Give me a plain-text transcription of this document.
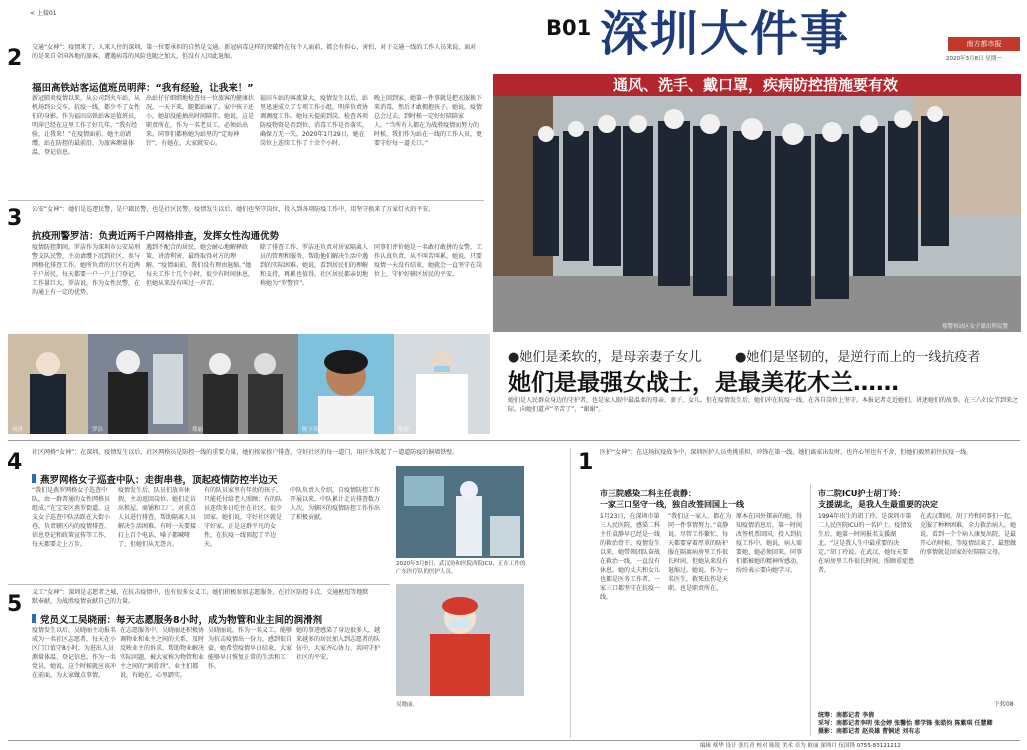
< 上接01
B01 深圳大件事	南方都市报
2020年3月8日 星期一
2 交通“女神”：疫情来了，人来人往的深圳，第一位要承担的自然是交通。新冠病毒这样的突破性在每个人面前，都会有担心，害怕，对于交通一线的工作人员来说，面对的是来自全国各地的旅客，遭遇病毒的风险也随之加大，但没有人因此退缩。
福田高铁站客运值班员明萍：“我有经验，让我来！”
新冠肺炎疫情以来，从公司到火车站，从机场到公交车，抗疫一线，都少不了女性们的身影。作为福田高铁站客运值班员，明萍已经在这里工作了好几年。“我有经验，让我来！”在疫情面前，她主动请缨，站在防控的最前沿，为旅客测量体温、登记信息。
出站仔仔细细地检查每一位旅客的健康状况，一天下来，腿都站麻了。家中孩子还小，她却没能抽出时间陪伴。她说，这是职责所在，作为一名老员工，必须站出来。同事们都称她为站里的“定海神针”，有她在，大家就安心。
福田车站的客流量大，疫情发生以后，站里迅速成立了专项工作小组，明萍负责协调调度工作。她每天提前到岗，检查各项防疫物资是否到位，消毒工作是否落实，确保万无一失。2020年1月29日，她在岗位上连续工作了十余个小时。
晚上回到家，她第一件事就是把衣服换下来消毒，然后才敢拥抱孩子。她说，疫情总会过去，到时候一定好好陪陪家人。“当所有人都在为战胜疫情而努力的时候，我们作为站在一线的工作人员，更要守好每一道关口。”
3 公安“女神”：她们是巡逻民警，是户籍民警，也是社区民警。疫情发生以后，她们也坚守岗位，投入到各项防疫工作中，用坚守换来了万家灯火的平安。
抗疫刑警罗洁：负责近两千户网格排查，发挥女性沟通优势
疫情防控期间，罗洁作为深圳市公安局刑警支队民警，主动请缨下沉到社区，参与网格化排查工作。她所负责的片区有近两千户居民，每天都要一户一户上门登记，工作量巨大。罗洁说，作为女性民警，在沟通上有一定的优势。
遇到不配合的居民，她会耐心地解释政策，讲清利害，最终取得对方的理解。“疫情面前，我们没有理由退缩。”她每天工作十几个小时，很少有时间休息，但她从来没有叫过一声苦。
除了排查工作，罗洁还负责对居家隔离人员的管理和服务，帮助他们解决生活中遇到的实际困难。她说，看到居民们的理解和支持，再累也值得。社区居民都亲切地称她为“罗警官”。
同事们评价她是一名敢打敢拼的女警，工作认真负责，从不叫苦叫累。她说，只要疫情一天没有结束，她就会一直坚守在岗位上，守护好辖区居民的平安。
通风、洗手、戴口罩，疾病防控措施要有效
蔡警察站区女子派出所民警
周萍	罗洁	郑丽	陈下玲	蔡静
●她们是柔软的，是母亲妻子女儿	●她们是坚韧的，是逆行而上的一线抗疫者
她们是最强女战士，是最美花木兰……
她们是人民群众身边的守护者，也是家人眼中最温柔的母亲、妻子、女儿。但在疫情发生后，她们冲在抗疫一线，在各自岗位上坚守。本报记者走近她们，讲述她们的故事。在三八妇女节到来之际，向她们道声“辛苦了”、“谢谢”。
4 社区网格“女神”：在深圳，疫情发生以后，社区网格员是防控一线的重要力量，她们挨家挨户排查，守好社区的每一道门，用汗水筑起了一道道防疫的铜墙铁壁。
燕罗网格女子巡查中队：走街串巷，顶起疫情防控半边天
“我们是燕罗网格女子巡查中队，由一群普通的女性网格员组成。”在宝安区燕罗街道，这支女子巡查中队活跃在大街小巷，负责辖区内的疫情排查、信息登记和政策宣传等工作，每天都要走上万步。
疫情发生后，队员们放弃休假，主动返回岗位。她们走访出租屋、商铺和工厂，对重点人员进行排查，帮助隔离人员解决生活困难。有时一天要接打上百个电话，嗓子都喊哑了，但她们从无怨言。
有的队员家里有年幼的孩子，只能托付给老人照顾；有的队员连续多日吃住在社区，很少回家。她们说，守好社区就是守好家。正是这群平凡的女性，在抗疫一线顶起了半边天。
中队负责人介绍，自疫情防控工作开展以来，中队累计走访排查数万人次，为辖区的疫情防控工作作出了积极贡献。
2020年3月8日，武汉协和医院西院ICU，正在工作的广东医疗队的医护人员。
5 义工“女神”：深圳是志愿者之城，在抗击疫情中，也有很多女义工，她们积极参加志愿服务，在社区防控卡点、交通枢纽等地默默奉献，为战胜疫情贡献自己的力量。
党员义工吴晓丽：每天志愿服务8小时，成为物管和业主间的润滑剂
疫情发生以后，吴晓丽主动报名成为一名社区志愿者，每天在小区门口值守8小时，为进出人员测量体温、登记信息。作为一名党员，她说，这个时候就应该冲在前面，为大家做点事情。
在志愿服务中，吴晓丽还积极协调物业和业主之间的关系，及时反映业主的诉求，帮助物业解决实际问题，被大家称为物管和业主之间的“润滑剂”。业主们都说，有她在，心里踏实。
吴晓丽说，作为一名义工，能够为抗击疫情出一份力，感到很自豪。她希望疫情早日结束，大家能够早日恢复正常的生活和工作。
她的事迹感染了身边很多人，越来越多的居民加入到志愿者的队伍中，大家齐心协力，共同守护社区的平安。
吴晓丽。
1 医护“女神”：在这场抗疫战争中，深圳医护人员勇挑重担，冲锋在第一线。她们离家出发时，也许心里也有不舍，但她们毅然前往抗疫一线。
市三院感染二科主任袁静：
一家三口坚守一线，独自改签回国上一线
1月23日，在深圳市第三人民医院，感染二科主任袁静早已经是一线的救治骨干。疫情发生以来，她带领团队奋战在救治一线，一直没有休息。她的丈夫和女儿也都是医务工作者，一家三口都坚守在抗疫一线。
“我们这一家人，都在为同一件事情努力。”袁静说。尽管工作繁忙，每天都要穿着厚重的防护服在隔离病房里工作很长时间，但她从来没有退缩过。她说，作为一名医生，救死扶伤是天职，也是职责所在。
原本在国外探亲的她，得知疫情消息后，第一时间改签机票回国，投入到抗疫工作中。她说，病人需要她，她必须回来。同事们都被她的精神所感动，纷纷表示要向她学习。
市二院ICU护士胡丁玲：
支援湖北，是我人生最重要的决定
1994年出生的胡丁玲，是深圳市第二人民医院ICU的一名护士。疫情发生后，她第一时间报名支援湖北。“这是我人生中最重要的决定。”胡丁玲说。在武汉，她每天要在病房里工作很长时间，照顾重症患者。
在武汉期间，胡丁玲和同事们一起，克服了种种困难，全力救治病人。她说，看到一个个病人康复出院，是最开心的时候。等疫情结束了，最想做的事情就是回家好好陪陪父母。
下转08
统筹：南都记者 李倩
采写：南都记者李明 张会婷 张馨怡 蔡学锋 张皓钧 陈紫琪 任慧卿
摄影：南都记者 赵炎雄 曹铜述 刘有志
编辑 蔡华 设计 张红青 校对 陈锐 美术 卓为 欧丽 深圳月 伍国锋 0755-83121212
